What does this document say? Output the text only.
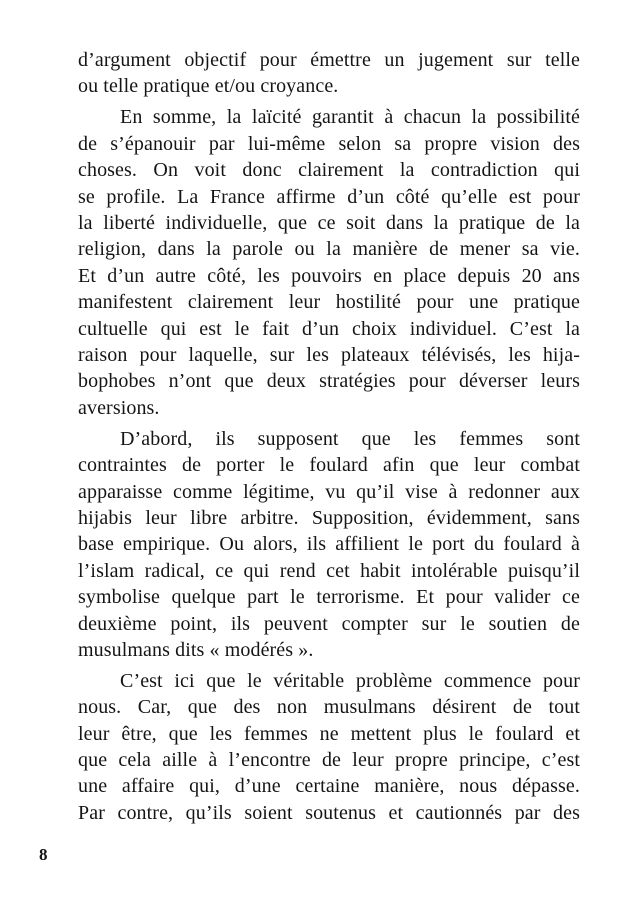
d’argument objectif pour émettre un jugement sur telle
ou telle pratique et/ou croyance.
En somme, la laïcité garantit à chacun la possibilité
de s’épanouir par lui-même selon sa propre vision des
choses. On voit donc clairement la contradiction qui
se profile. La France affirme d’un côté qu’elle est pour
la liberté individuelle, que ce soit dans la pratique de la
religion, dans la parole ou la manière de mener sa vie.
Et d’un autre côté, les pouvoirs en place depuis 20 ans
manifestent clairement leur hostilité pour une pratique
cultuelle qui est le fait d’un choix individuel. C’est la
raison pour laquelle, sur les plateaux télévisés, les hija-
bophobes n’ont que deux stratégies pour déverser leurs
aversions.
D’abord, ils supposent que les femmes sont
contraintes de porter le foulard afin que leur combat
apparaisse comme légitime, vu qu’il vise à redonner aux
hijabis leur libre arbitre. Supposition, évidemment, sans
base empirique. Ou alors, ils affilient le port du foulard à
l’islam radical, ce qui rend cet habit intolérable puisqu’il
symbolise quelque part le terrorisme. Et pour valider ce
deuxième point, ils peuvent compter sur le soutien de
musulmans dits « modérés ».
C’est ici que le véritable problème commence pour
nous. Car, que des non musulmans désirent de tout
leur être, que les femmes ne mettent plus le foulard et
que cela aille à l’encontre de leur propre principe, c’est
une affaire qui, d’une certaine manière, nous dépasse.
Par contre, qu’ils soient soutenus et cautionnés par des
8
